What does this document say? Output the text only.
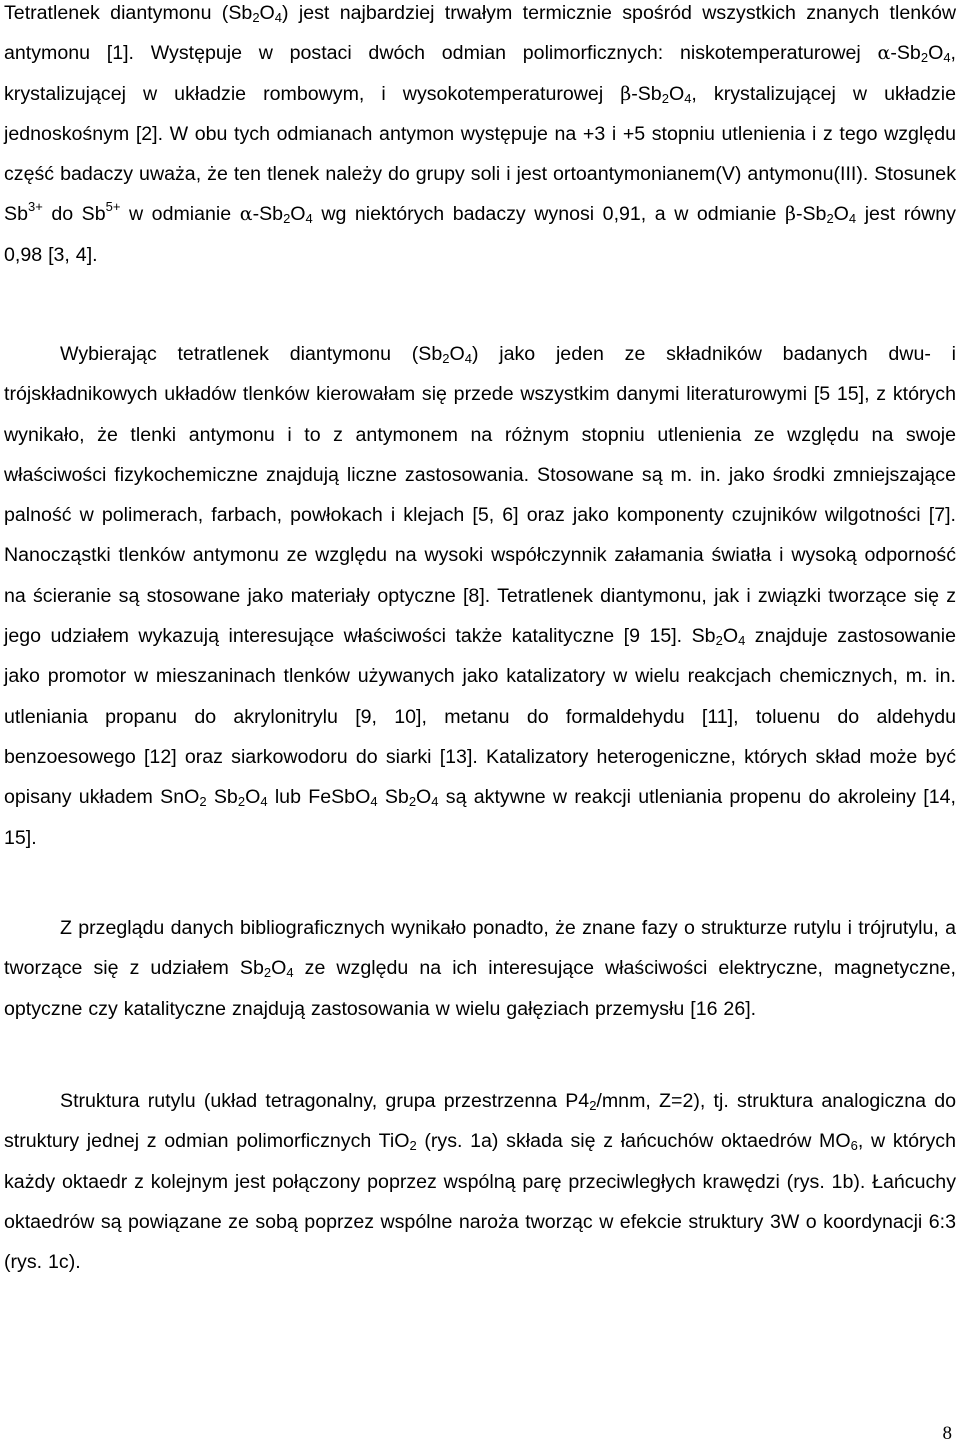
Tetratlenek diantymonu $(Sb_2O_4)$ jest najbardziej trwałym termicznie spośród wszystkich znanych tlenków antymonu [1]. Występuje w postaci dwóch odmian polimorficznych: niskotemperaturowej $\alpha-Sb_2O_4$, krystalizującej w układzie rombowym, i wysokotemperaturowej $\beta-Sb_2O_4$, krystalizującej w układzie jednoskośnym [2]. W obu tych odmianach antymon występuje na +3 i +5 stopniu utlenienia i z tego względu część badaczy uważa, że ten tlenek należy do grupy soli i jest ortoantymonianem(V) antymonu(III). Stosunek $Sb^{3+}$ do $Sb^{5+}$ w odmianie $\alpha-Sb_2O_4$ wg niektórych badaczy wynosi 0,91, a w odmianie $\beta-Sb_2O_4$ jest równy 0,98 [3, 4].

Wybierając tetratlenek diantymonu $(Sb_2O_4)$ jako jeden ze składników badanych dwu- i trójskładnikowych układów tlenków kierowałam się przede wszystkim danymi literaturowymi [5 15], z których wynikało, że tlenki antymonu i to z antymonem na różnym stopniu utlenienia ze względu na swoje właściwości fizykochemiczne znajdują liczne zastosowania. Stosowane są m. in. jako środki zmniejszające palność w polimerach, farbach, powłokach i klejach [5, 6] oraz jako komponenty czujników wilgotności [7]. Nanocząstki tlenków antymonu ze względu na wysoki współczynnik załamania światła i wysoką odporność na ścieranie są stosowane jako materiały optyczne [8]. Tetratlenek diantymonu, jak i związki tworzące się z jego udziałem wykazują interesujące właściwości także katalityczne [9 15]. $Sb_2O_4$ znajduje zastosowanie jako promotor w mieszaninach tlenków używanych jako katalizatory w wielu reakcjach chemicznych, m. in. utleniania propanu do akrylonitrylu [9, 10], metanu do formaldehydu [11], toluenu do aldehydu benzoesowego [12] oraz siarkowodoru do siarki [13]. Katalizatory heterogeniczne, których skład może być opisany układem SnO$_2$ $Sb_2O_4$ lub FeSbO$_4$ $Sb_2O_4$ są aktywne w reakcji utleniania propenu do akroleiny [14, 15].

Z przeglądu danych bibliograficznych wynikało ponadto, że znane fazy o strukturze rutylu i trójrutylu, a tworzące się z udziałem $Sb_2O_4$ ze względu na ich interesujące właściwości elektryczne, magnetyczne, optyczne czy katalityczne znajdują zastosowania w wielu gałęziach przemysłu [16 26].

Struktura rutylu (układ tetragonalny, grupa przestrzenna $P4_2$/mnm, Z=2), tj. struktura analogiczna do struktury jednej z odmian polimorficznych TiO$_2$ (rys. 1a) składa się z łańcuchów oktaedrów $MO_6$, w których każdy oktaedr z kolejnym jest połączony poprzez wspólną parę przeciwległych krawędzi (rys. 1b). Łańcuchy oktaedrów są powiązane ze sobą poprzez wspólne naroża tworząc w efekcie struktury 3W o koordynacji 6:3 (rys. 1c).

8
